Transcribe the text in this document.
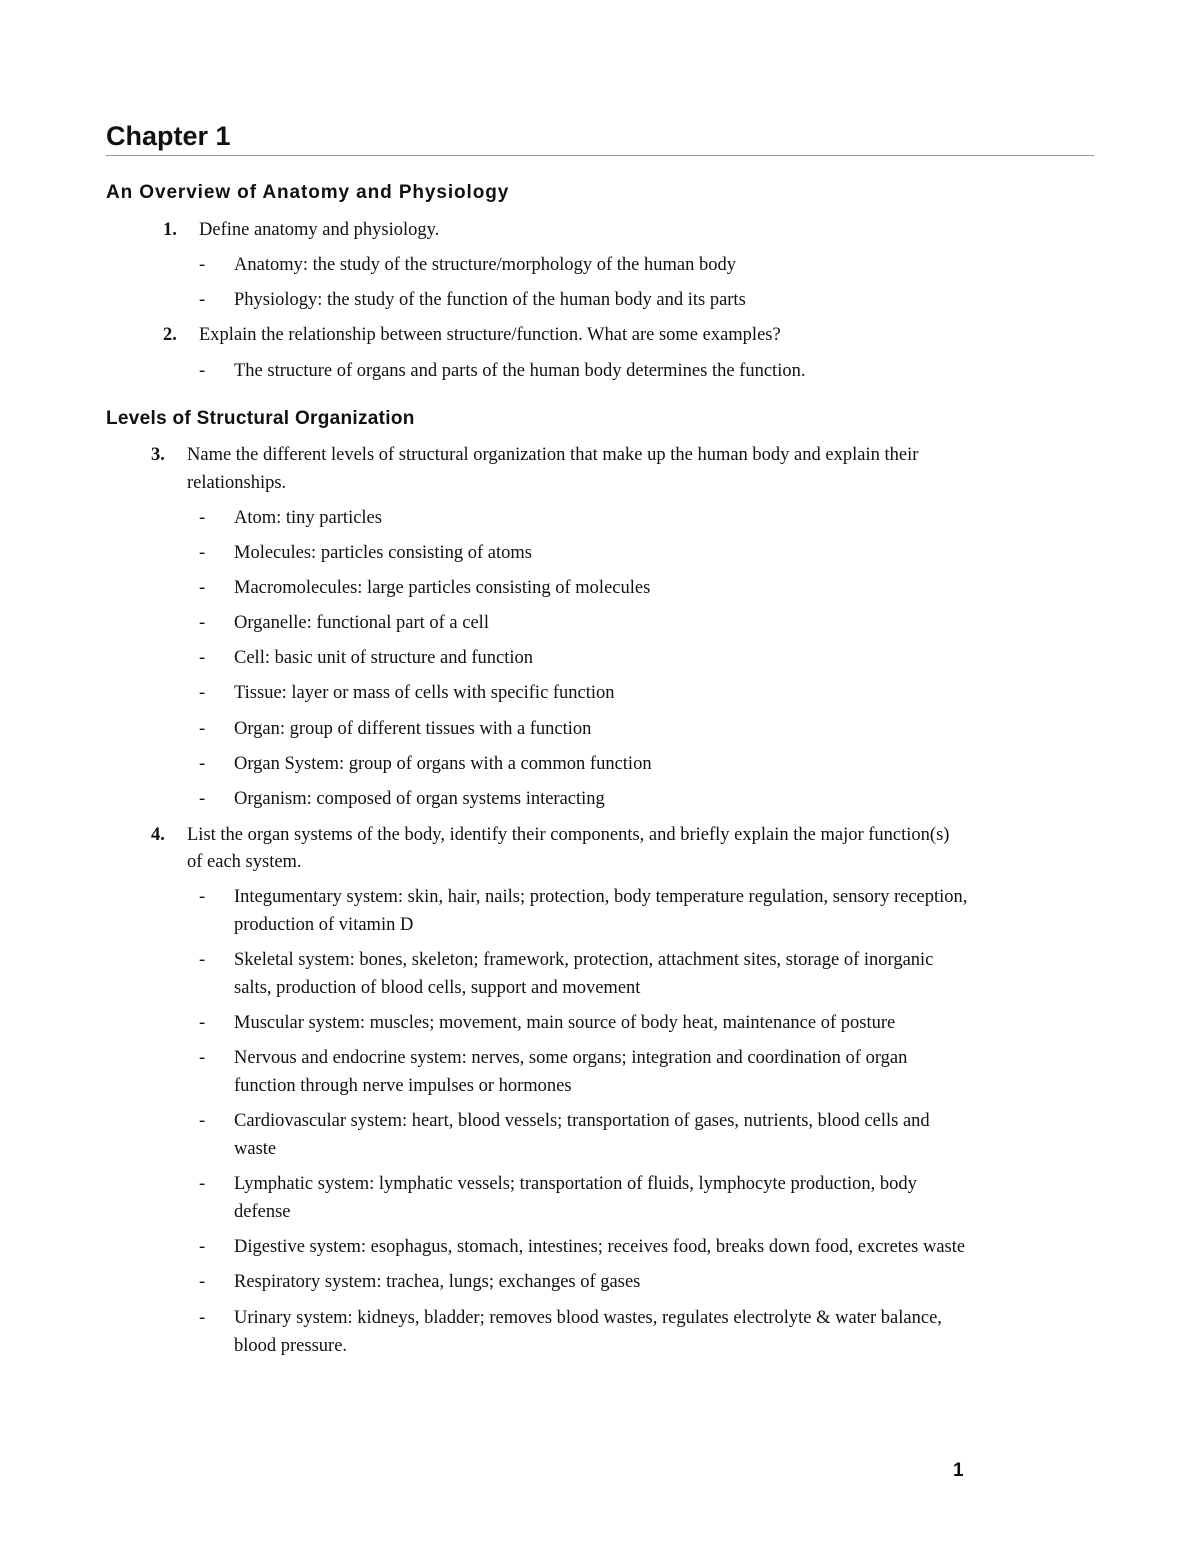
Chapter 1
An Overview of Anatomy and Physiology
Levels of Structural Organization

1. Define anatomy and physiology.

- Anatomy: the study of the structure/morphology of the human body

- Physiology: the study of the function of the human body and its parts

2. Explain the relationship between structure/function. What are some examples?

- The structure of organs and parts of the human body determines the function.

3. Name the different levels of structural organization that make up the human body and explain their

relationships.

- Atom: tiny particles

- Molecules: particles consisting of atoms

- Macromolecules: large particles consisting of molecules

- Organelle: functional part of a cell

- Cell: basic unit of structure and function

- Tissue: layer or mass of cells with specific function

- Organ: group of different tissues with a function

- Organ System: group of organs with a common function

- Organism: composed of organ systems interacting

4. List the organ systems of the body, identify their components, and briefly explain the major function(s)

of each system.

- Integumentary system: skin, hair, nails; protection, body temperature regulation, sensory reception,

production of vitamin D

- Skeletal system: bones, skeleton; framework, protection, attachment sites, storage of inorganic

salts, production of blood cells, support and movement

- Muscular system: muscles; movement, main source of body heat, maintenance of posture

- Nervous and endocrine system: nerves, some organs; integration and coordination of organ

function through nerve impulses or hormones

- Cardiovascular system: heart, blood vessels; transportation of gases, nutrients, blood cells and

waste

- Lymphatic system: lymphatic vessels; transportation of fluids, lymphocyte production, body

defense

- Digestive system: esophagus, stomach, intestines; receives food, breaks down food, excretes waste

- Respiratory system: trachea, lungs; exchanges of gases

- Urinary system: kidneys, bladder; removes blood wastes, regulates electrolyte & water balance,

blood pressure.

1
